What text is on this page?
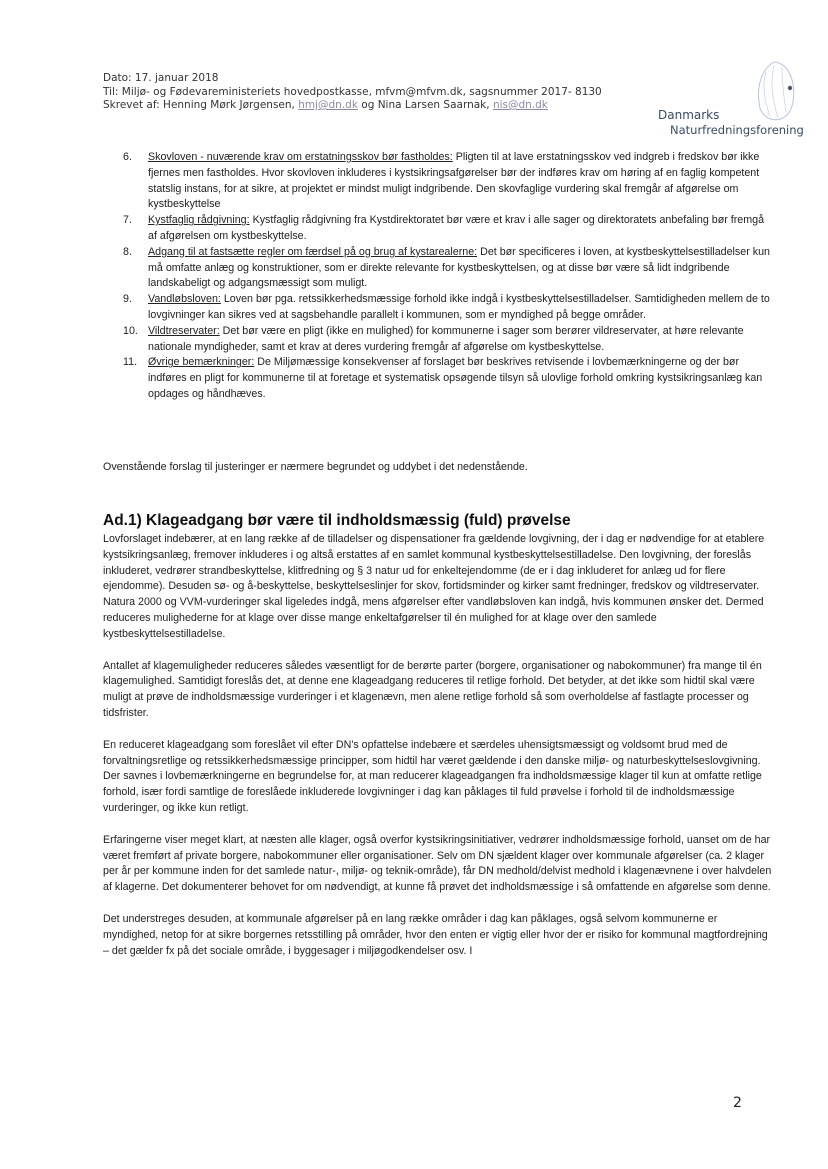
Dato: 17. januar 2018
Til: Miljø- og Fødevareministeriets hovedpostkasse, mfvm@mfvm.dk, sagsnummer 2017- 8130
Skrevet af: Henning Mørk Jørgensen, hmj@dn.dk og Nina Larsen Saarnak, nis@dn.dk
Danmarks
Naturfredningsforening
6. Skovloven - nuværende krav om erstatningsskov bør fastholdes: Pligten til at lave erstatningsskov ved indgreb i fredskov bør ikke fjernes men fastholdes. Hvor skovloven inkluderes i kystsikringsafgørelser bør der indføres krav om høring af en faglig kompetent statslig instans, for at sikre, at projektet er mindst muligt indgribende. Den skovfaglige vurdering skal fremgår af afgørelse om kystbeskyttelse
7. Kystfaglig rådgivning: Kystfaglig rådgivning fra Kystdirektoratet bør være et krav i alle sager og direktoratets anbefaling bør fremgå af afgørelsen om kystbeskyttelse.
8. Adgang til at fastsætte regler om færdsel på og brug af kystarealerne: Det bør specificeres i loven, at kystbeskyttelsestilladelser kun må omfatte anlæg og konstruktioner, som er direkte relevante for kystbeskyttelsen, og at disse bør være så lidt indgribende landskabeligt og adgangsmæssigt som muligt.
9. Vandløbsloven: Loven bør pga. retssikkerhedsmæssige forhold ikke indgå i kystbeskyttelsestilladelser. Samtidigheden mellem de to lovgivninger kan sikres ved at sagsbehandle parallelt i kommunen, som er myndighed på begge områder.
10. Vildtreservater: Det bør være en pligt (ikke en mulighed) for kommunerne i sager som berører vildreservater, at høre relevante nationale myndigheder, samt et krav at deres vurdering fremgår af afgørelse om kystbeskyttelse.
11. Øvrige bemærkninger: De Miljømæssige konsekvenser af forslaget bør beskrives retvisende i lovbemærkningerne og der bør indføres en pligt for kommunerne til at foretage et systematisk opsøgende tilsyn så ulovlige forhold omkring kystsikringsanlæg kan opdages og håndhæves.

Ovenstående forslag til justeringer er nærmere begrundet og uddybet i det nedenstående.

Ad.1) Klageadgang bør være til indholdsmæssig (fuld) prøvelse

Lovforslaget indebærer, at en lang række af de tilladelser og dispensationer fra gældende lovgivning, der i dag er nødvendige for at etablere kystsikringsanlæg, fremover inkluderes i og altså erstattes af en samlet kommunal kystbeskyttelsestilladelse. Den lovgivning, der foreslås inkluderet, vedrører strandbeskyttelse, klitfredning og § 3 natur ud for enkeltejendomme (de er i dag inkluderet for anlæg ud for flere ejendomme). Desuden sø- og å-beskyttelse, beskyttelseslinjer for skov, fortidsminder og kirker samt fredninger, fredskov og vildtreservater. Natura 2000 og VVM-vurderinger skal ligeledes indgå, mens afgørelser efter vandløbsloven kan indgå, hvis kommunen ønsker det. Dermed reduceres mulighederne for at klage over disse mange enkeltafgørelser til én mulighed for at klage over den samlede kystbeskyttelsestilladelse.

Antallet af klagemuligheder reduceres således væsentligt for de berørte parter (borgere, organisationer og nabokommuner) fra mange til én klagemulighed. Samtidigt foreslås det, at denne ene klageadgang reduceres til retlige forhold. Det betyder, at det ikke som hidtil skal være muligt at prøve de indholdsmæssige vurderinger i et klagenævn, men alene retlige forhold så som overholdelse af fastlagte processer og tidsfrister.

En reduceret klageadgang som foreslået vil efter DN's opfattelse indebære et særdeles uhensigtsmæssigt og voldsomt brud med de forvaltningsretlige og retssikkerhedsmæssige principper, som hidtil har været gældende i den danske miljø- og naturbeskyttelseslovgivning. Der savnes i lovbemærkningerne en begrundelse for, at man reducerer klageadgangen fra indholdsmæssige klager til kun at omfatte retlige forhold, især fordi samtlige de foreslåede inkluderede lovgivninger i dag kan påklages til fuld prøvelse i forhold til de indholdsmæssige vurderinger, og ikke kun retligt.

Erfaringerne viser meget klart, at næsten alle klager, også overfor kystsikringsinitiativer, vedrører indholdsmæssige forhold, uanset om de har været fremført af private borgere, nabokommuner eller organisationer. Selv om DN sjældent klager over kommunale afgørelser (ca. 2 klager per år per kommune inden for det samlede natur-, miljø- og teknik-område), får DN medhold/delvist medhold i klagenævnene i over halvdelen af klagerne. Det dokumenterer behovet for om nødvendigt, at kunne få prøvet det indholdsmæssige i så omfattende en afgørelse som denne.

Det understreges desuden, at kommunale afgørelser på en lang række områder i dag kan påklages, også selvom kommunerne er myndighed, netop for at sikre borgernes retsstilling på områder, hvor den enten er vigtig eller hvor der er risiko for kommunal magtfordrejning – det gælder fx på det sociale område, i byggesager i miljøgodkendelser osv. I

2
